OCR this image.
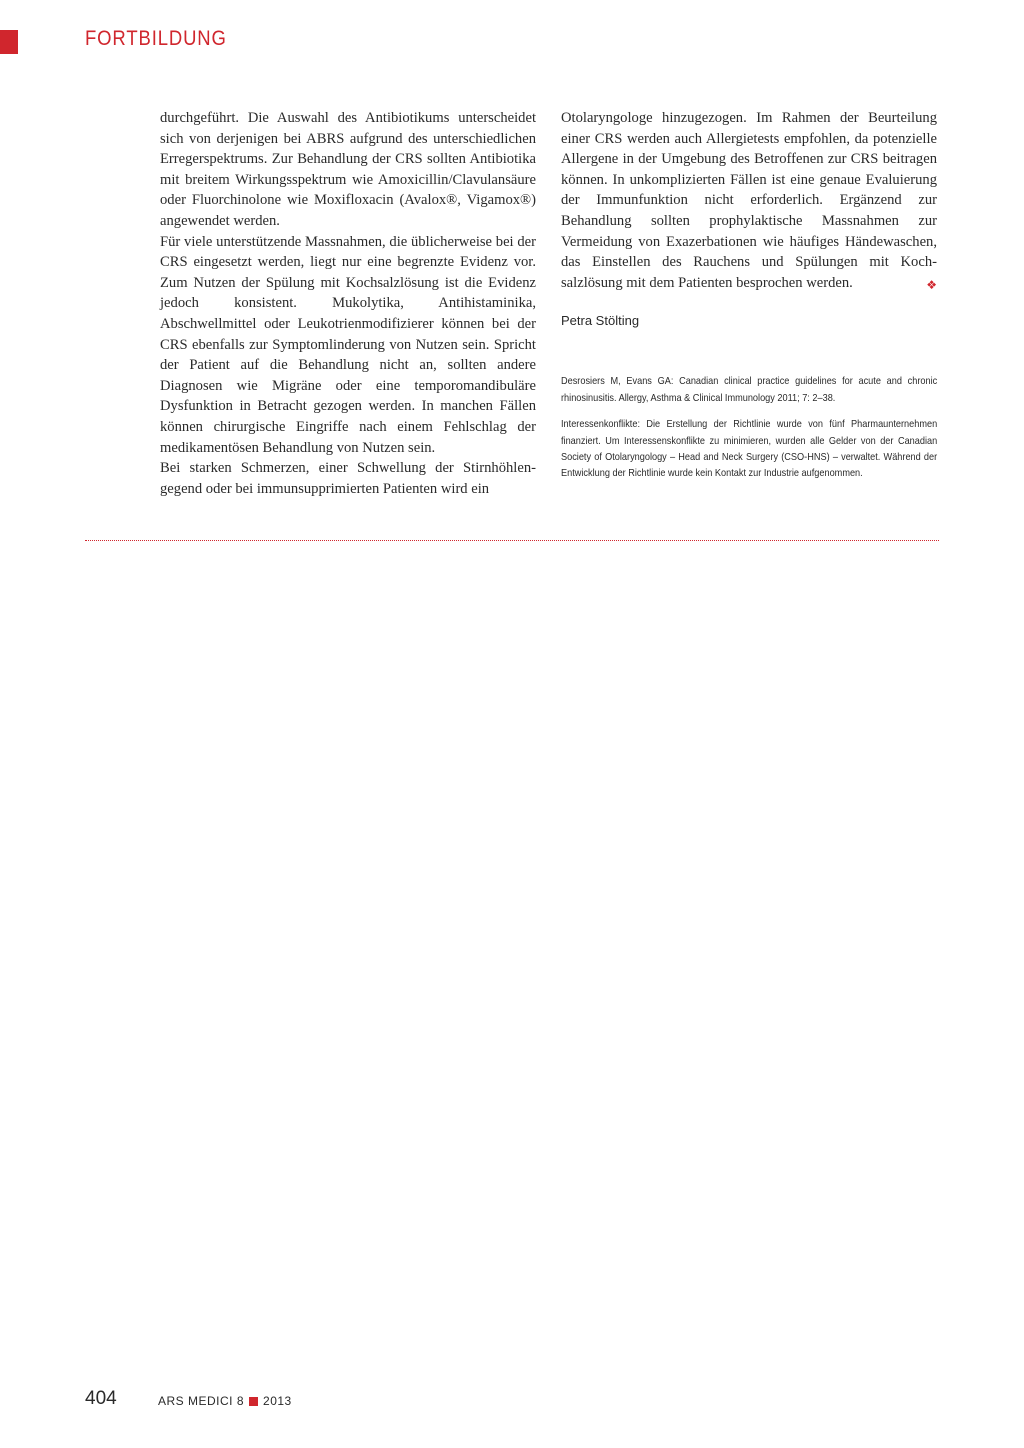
FORTBILDUNG

durchgeführt. Die Auswahl des Antibiotikums unterscheidet sich von derjenigen bei ABRS aufgrund des unterschiedlichen Erregerspektrums. Zur Behandlung der CRS sollten Antibiotika mit breitem Wirkungsspektrum wie Amoxicillin/​Clavulansäure oder Fluorchinolone wie Moxifloxacin (Avalox®, Vigamox®) angewendet werden.

Für viele unterstützende Massnahmen, die üblicherweise bei der CRS eingesetzt werden, liegt nur eine begrenzte Evidenz vor. Zum Nutzen der Spülung mit Kochsalzlösung ist die Evidenz jedoch konsistent. Mukolytika, Antihistaminika, Abschwellmittel oder Leukotrienmodifizierer können bei der CRS ebenfalls zur Symptomlinderung von Nutzen sein. Spricht der Patient auf die Behandlung nicht an, sollten andere Diagnosen wie Migräne oder eine temporomandibuläre Dysfunktion in Betracht gezogen werden. In manchen Fällen können chirurgische Eingriffe nach einem Fehlschlag der medikamentösen Behandlung von Nutzen sein.

Bei starken Schmerzen, einer Schwellung der Stirnhöhlengegend oder bei immunsupprimierten Patienten wird ein

Otolaryngologe hinzugezogen. Im Rahmen der Beurteilung einer CRS werden auch Allergietests empfohlen, da potenzielle Allergene in der Umgebung des Betroffenen zur CRS beitragen können. In unkomplizierten Fällen ist eine genaue Evaluierung der Immunfunktion nicht erforderlich. Ergänzend zur Behandlung sollten prophylaktische Massnahmen zur Vermeidung von Exazerbationen wie häufiges Händewaschen, das Einstellen des Rauchens und Spülungen mit Kochsalzlösung mit dem Patienten besprochen werden.	❖

Petra Stölting

Desrosiers M, Evans GA: Canadian clinical practice guidelines for acute and chronic rhinosinusitis. Allergy, Asthma & Clinical Immunology 2011; 7: 2–38.

Interessenkonflikte: Die Erstellung der Richtlinie wurde von fünf Pharmaunternehmen finanziert. Um Interessenskonflikte zu minimieren, wurden alle Gelder von der Canadian Society of Otolaryngology – Head and Neck Surgery (CSO-HNS) – verwaltet. Während der Entwicklung der Richtlinie wurde kein Kontakt zur Industrie aufgenommen.

404	ARS MEDICI 8 2013
